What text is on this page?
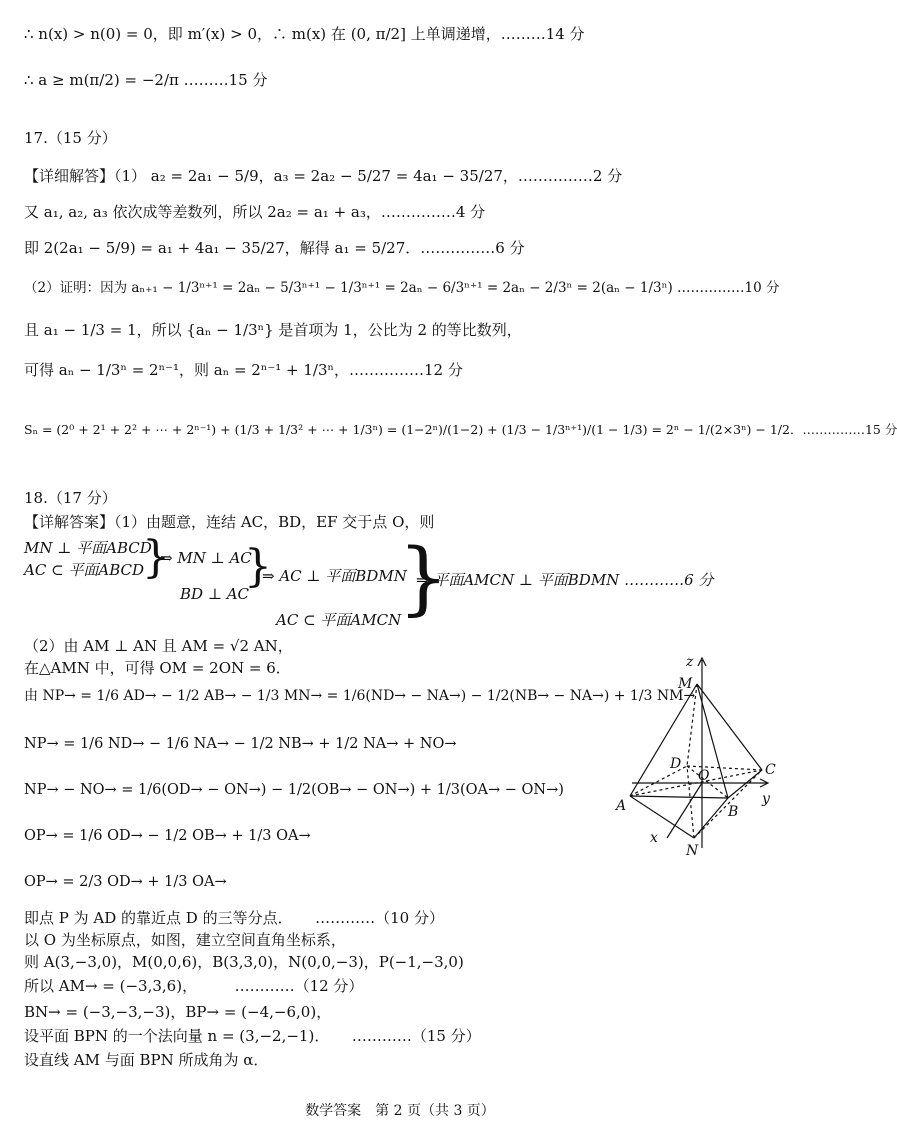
∴ n(x) > n(0) = 0，即 m′(x) > 0，∴ m(x) 在 (0, π/2] 上单调递增，………14 分
∴ a ≥ m(π/2) = −2/π ………15 分
17.（15 分）
【详细解答】（1） a₂ = 2a₁ − 5/9，a₃ = 2a₂ − 5/27 = 4a₁ − 35/27，……………2 分
又 a₁, a₂, a₃ 依次成等差数列，所以 2a₂ = a₁ + a₃，……………4 分
即 2(2a₁ − 5/9) = a₁ + 4a₁ − 35/27，解得 a₁ = 5/27．……………6 分
（2）证明：因为 aₙ₊₁ − 1/3ⁿ⁺¹ = 2aₙ − 5/3ⁿ⁺¹ − 1/3ⁿ⁺¹ = 2aₙ − 6/3ⁿ⁺¹ = 2aₙ − 2/3ⁿ = 2(aₙ − 1/3ⁿ) ……………10 分
且 a₁ − 1/3 = 1，所以 {aₙ − 1/3ⁿ} 是首项为 1，公比为 2 的等比数列，
可得 aₙ − 1/3ⁿ = 2ⁿ⁻¹，则 aₙ = 2ⁿ⁻¹ + 1/3ⁿ，……………12 分
Sₙ = (2⁰ + 2¹ + 2² + ⋯ + 2ⁿ⁻¹) + (1/3 + 1/3² + ⋯ + 1/3ⁿ) = (1−2ⁿ)/(1−2) + (1/3 − 1/3ⁿ⁺¹)/(1 − 1/3) = 2ⁿ − 1/(2×3ⁿ) − 1/2．……………15 分
18.（17 分）
【详解答案】（1）由题意，连结 AC，BD，EF 交于点 O，则
MN ⊥ 平面ABCD
AC ⊂ 平面ABCD
}
⇒ MN ⊥ AC
BD ⊥ AC
}
⇒ AC ⊥ 平面BDMN
AC ⊂ 平面AMCN
}
⇒ 平面AMCN ⊥ 平面BDMN …………6 分
（2）由 AM ⊥ AN 且 AM = √2 AN，
在△AMN 中，可得 OM = 2ON = 6．
由 NP→ = 1/6 AD→ − 1/2 AB→ − 1/3 MN→ = 1/6(ND→ − NA→) − 1/2(NB→ − NA→) + 1/3 NM→
NP→ = 1/6 ND→ − 1/6 NA→ − 1/2 NB→ + 1/2 NA→ + NO→
NP→ − NO→ = 1/6(OD→ − ON→) − 1/2(OB→ − ON→) + 1/3(OA→ − ON→)
OP→ = 1/6 OD→ − 1/2 OB→ + 1/3 OA→
OP→ = 2/3 OD→ + 1/3 OA→
即点 P 为 AD 的靠近点 D 的三等分点．　　…………（10 分）
以 O 为坐标原点，如图，建立空间直角坐标系，
则 A(3,−3,0)，M(0,0,6)，B(3,3,0)，N(0,0,−3)，P(−1,−3,0)
所以 AM→ = (−3,3,6)，　　　…………（12 分）
BN→ = (−3,−3,−3)，BP→ = (−4,−6,0)，
设平面 BPN 的一个法向量 n = (3,−2,−1)．　　…………（15 分）
设直线 AM 与面 BPN 所成角为 α．
z
M
D
O	C
y
A	B
x
N
数学答案　第 2 页（共 3 页）
